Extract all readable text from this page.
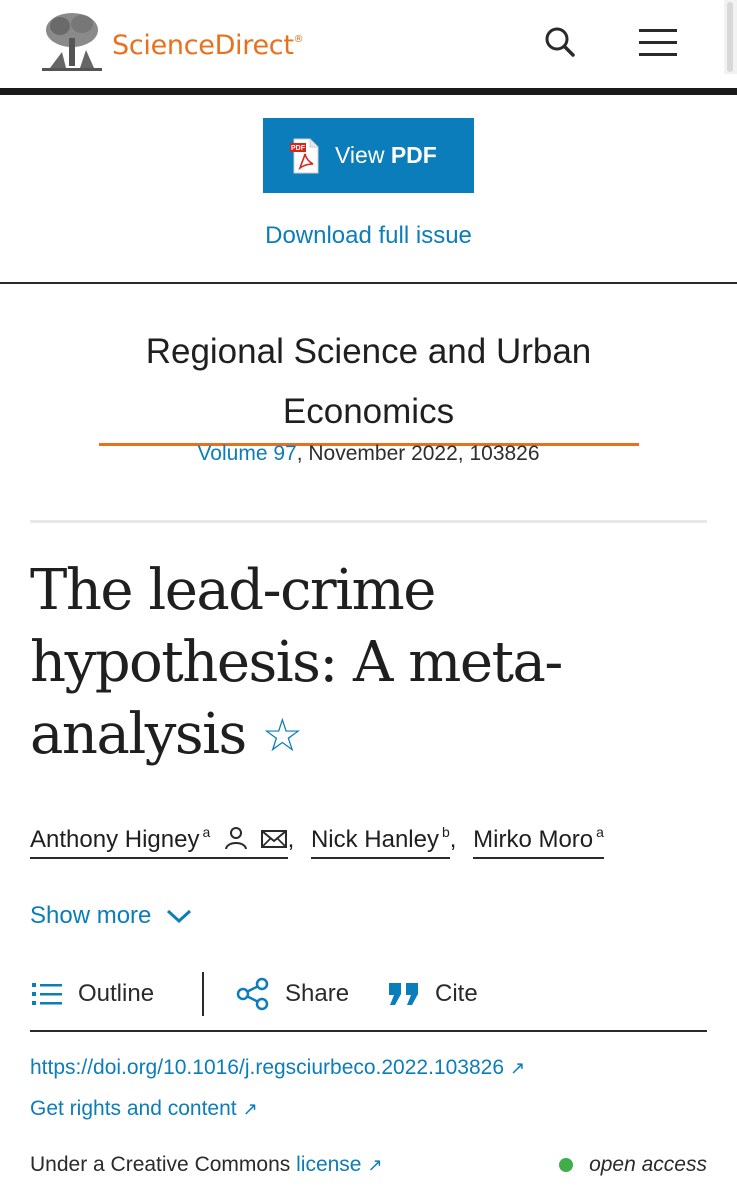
ScienceDirect®
PDF View PDF
Download full issue
Regional Science and Urban Economics
Volume 97, November 2022, 103826
The lead-crime hypothesis: A meta-analysis ☆
Anthony Higney $^a$	, Nick Hanley $^b$, Mirko Moro $^a$
Show more
Outline	Share	Cite
https://doi.org/10.1016/j.regsciurbeco.2022.103826 ↗
Get rights and content ↗
Under a Creative Commons license ↗	open access
